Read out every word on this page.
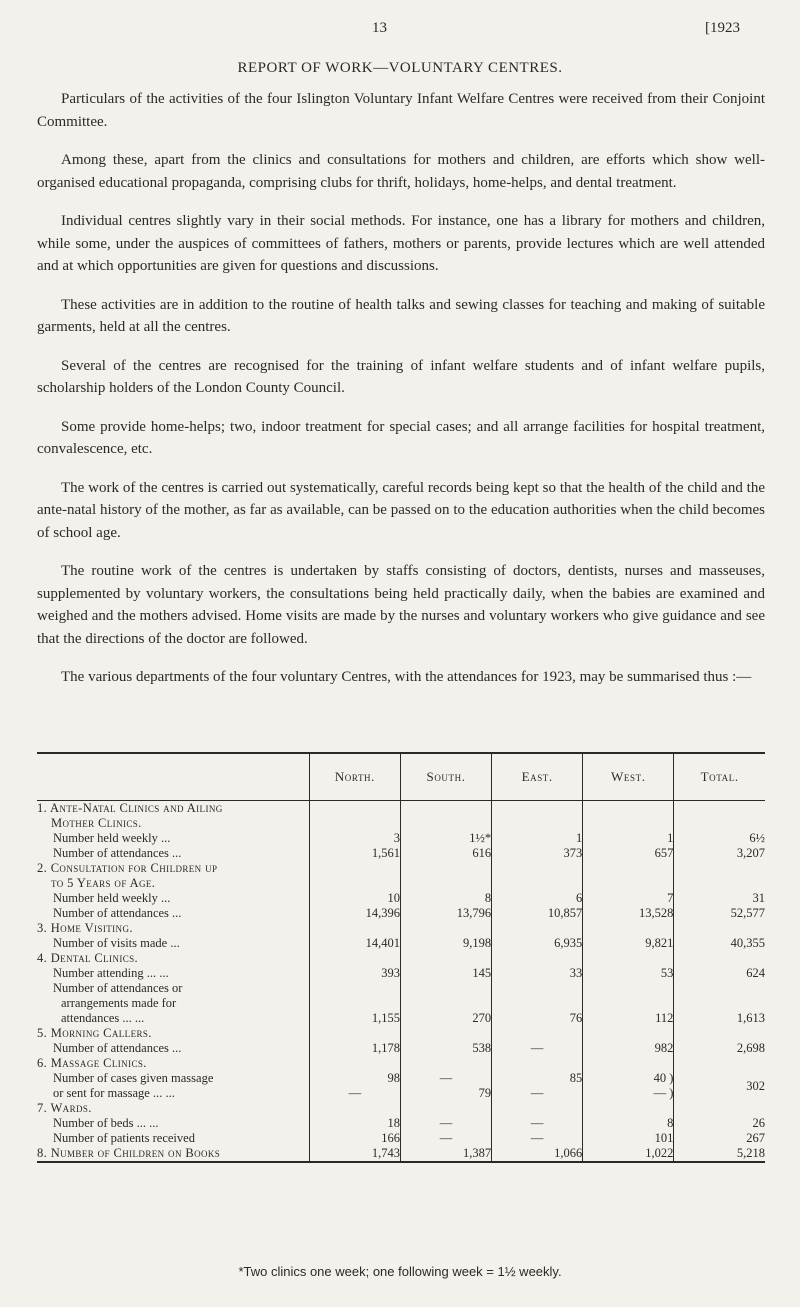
13	[1923
REPORT OF WORK—VOLUNTARY CENTRES.

Particulars of the activities of the four Islington Voluntary Infant Welfare Centres were received from their Conjoint Committee.

Among these, apart from the clinics and consultations for mothers and children, are efforts which show well-organised educational propaganda, comprising clubs for thrift, holidays, home-helps, and dental treatment.

Individual centres slightly vary in their social methods. For instance, one has a library for mothers and children, while some, under the auspices of committees of fathers, mothers or parents, provide lectures which are well attended and at which opportunities are given for questions and discussions.

These activities are in addition to the routine of health talks and sewing classes for teaching and making of suitable garments, held at all the centres.

Several of the centres are recognised for the training of infant welfare students and of infant welfare pupils, scholarship holders of the London County Council.

Some provide home-helps; two, indoor treatment for special cases; and all arrange facilities for hospital treatment, convalescence, etc.

The work of the centres is carried out systematically, careful records being kept so that the health of the child and the ante-natal history of the mother, as far as available, can be passed on to the education authorities when the child becomes of school age.

The routine work of the centres is undertaken by staffs consisting of doctors, dentists, nurses and masseuses, supplemented by voluntary workers, the consultations being held practically daily, when the babies are examined and weighed and the mothers advised. Home visits are made by the nurses and voluntary workers who give guidance and see that the directions of the doctor are followed.

The various departments of the four voluntary Centres, with the attendances for 1923, may be summarised thus :—

	North.	South.	East.	West.	Total.
1. Ante-Natal Clinics and Ailing

Mother Clinics.					

Number held weekly ...	3	1½*	1	1	6½

Number of attendances ...	1,561	616	373	657	3,207
2. Consultation for Children up

to 5 Years of Age.					

Number held weekly ...	10	8	6	7	31

Number of attendances ...	14,396	13,796	10,857	13,528	52,577
3. Home Visiting.					

Number of visits made ...	14,401	9,198	6,935	9,821	40,355
4. Dental Clinics.					

Number attending ... ...	393	145	33	53	624

Number of attendances or
arrangements made for
attendances ... ...	1,155	270	76	112	1,613
5. Morning Callers.					

Number of attendances ...	1,178	538	—	982	2,698
6. Massage Clinics.					

Number of cases given massage	98	—	85	40 )	302

or sent for massage ... ...	—	79	—	— )	
7. Wards.					

Number of beds ... ...	18	—	—	8	26

Number of patients received	166	—	—	101	267
8. Number of Children on Books	1,743	1,387	1,066	1,022	5,218
*Two clinics one week; one following week = 1½ weekly.
